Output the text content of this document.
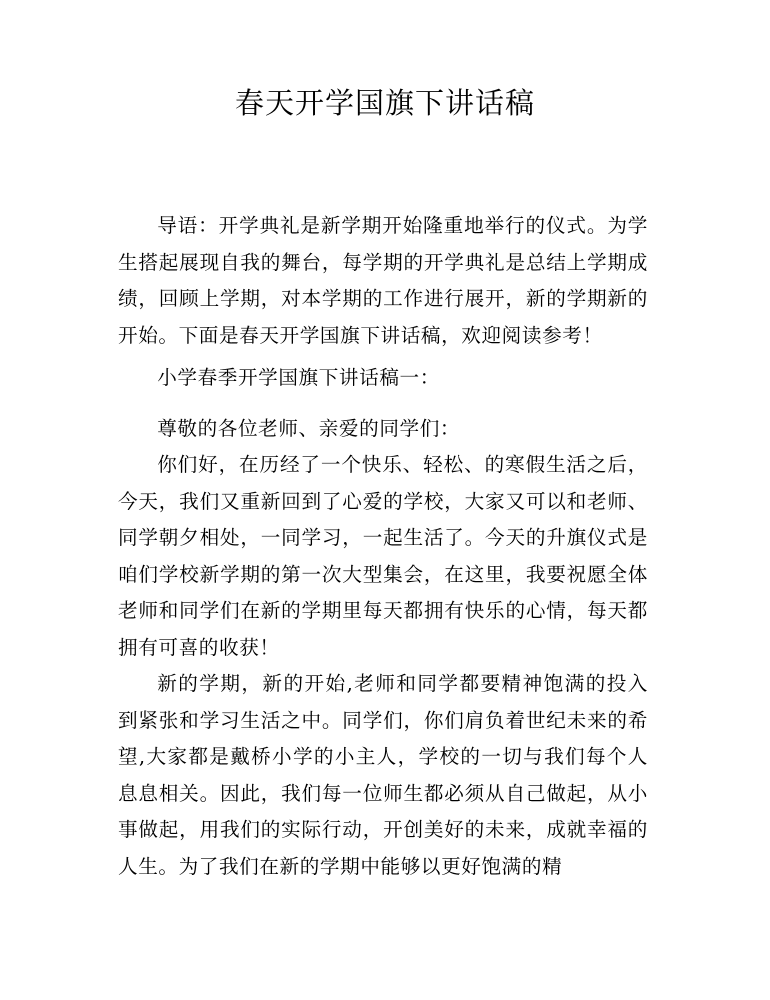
春天开学国旗下讲话稿

导语：开学典礼是新学期开始隆重地举行的仪式。为学生搭起展现自我的舞台，每学期的开学典礼是总结上学期成绩，回顾上学期，对本学期的工作进行展开，新的学期新的开始。下面是春天开学国旗下讲话稿，欢迎阅读参考！

小学春季开学国旗下讲话稿一：

尊敬的各位老师、亲爱的同学们：

你们好，在历经了一个快乐、轻松、的寒假生活之后，今天，我们又重新回到了心爱的学校，大家又可以和老师、同学朝夕相处，一同学习，一起生活了。今天的升旗仪式是咱们学校新学期的第一次大型集会，在这里，我要祝愿全体老师和同学们在新的学期里每天都拥有快乐的心情，每天都拥有可喜的收获！

新的学期，新的开始,老师和同学都要精神饱满的投入到紧张和学习生活之中。同学们，你们肩负着世纪未来的希望,大家都是戴桥小学的小主人，学校的一切与我们每个人息息相关。因此，我们每一位师生都必须从自己做起，从小事做起，用我们的实际行动，开创美好的未来，成就幸福的人生。为了我们在新的学期中能够以更好饱满的精
